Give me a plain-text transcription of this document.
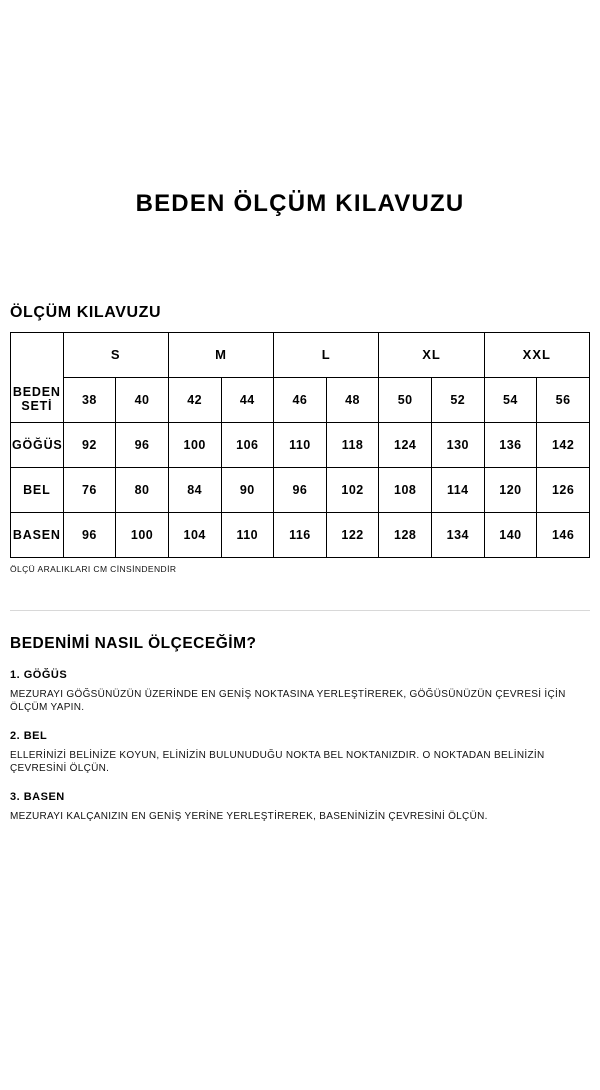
BEDEN ÖLÇÜM KILAVUZU
ÖLÇÜM KILAVUZU
	S		M		L		XL		XXL	
BEDEN SETİ	38	40	42	44	46	48	50	52	54	56
GÖĞÜS	92	96	100	106	110	118	124	130	136	142
BEL	76	80	84	90	96	102	108	114	120	126
BASEN	96	100	104	110	116	122	128	134	140	146
ÖLÇÜ ARALIKLARI CM CİNSİNDENDİR
BEDENİMİ NASIL ÖLÇECEĞİM?
1. GÖĞÜS
MEZURAYI GÖĞSÜNÜZÜN ÜZERİNDE EN GENİŞ NOKTASINA YERLEŞTİREREK, GÖĞÜSÜNÜZÜN ÇEVRESİ İÇİN ÖLÇÜM YAPIN.
2. BEL
ELLERİNİZİ BELİNİZE KOYUN, ELİNİZİN BULUNUDUĞU NOKTA BEL NOKTANIZDIR. O NOKTADAN BELİNİZİN ÇEVRESİNİ ÖLÇÜN.
3. BASEN
MEZURAYI KALÇANIZIN EN GENİŞ YERİNE YERLEŞTİREREK, BASENİNİZİN ÇEVRESİNİ ÖLÇÜN.
